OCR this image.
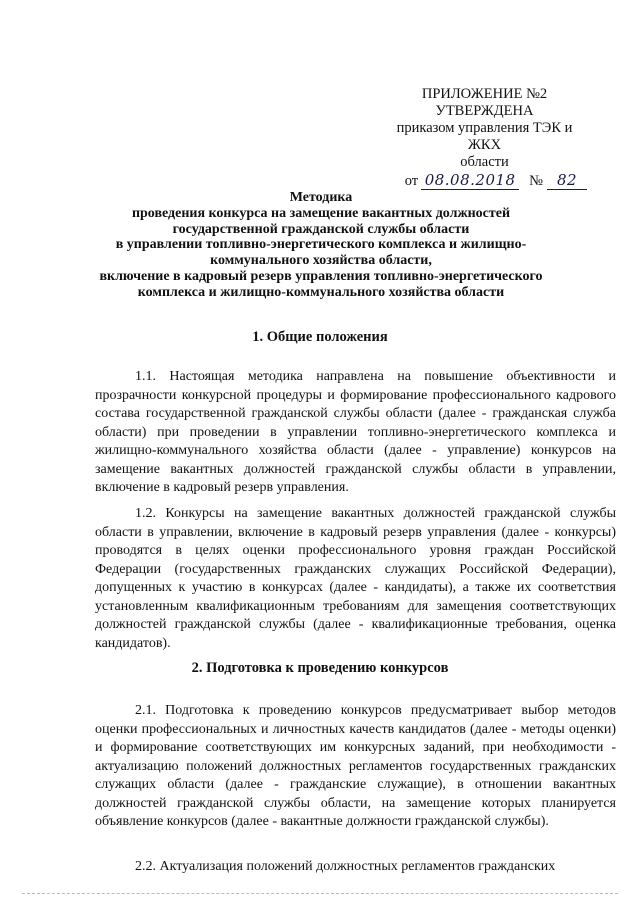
ПРИЛОЖЕНИЕ №2
УТВЕРЖДЕНА
приказом управления ТЭК и ЖКХ
области
от 08.08.2018 № 82
Методика
проведения конкурса на замещение вакантных должностей
государственной гражданской службы области
в управлении топливно-энергетического комплекса и жилищно-
коммунального хозяйства области,
включение в кадровый резерв управления топливно-энергетического
комплекса и жилищно-коммунального хозяйства области
1. Общие положения

1.1. Настоящая методика направлена на повышение объективности и прозрачности конкурсной процедуры и формирование профессионального кадрового состава государственной гражданской службы области (далее - гражданская служба области) при проведении в управлении топливно-энергетического комплекса и жилищно-коммунального хозяйства области (далее - управление) конкурсов на замещение вакантных должностей гражданской службы области в управлении, включение в кадровый резерв управления.

1.2. Конкурсы на замещение вакантных должностей гражданской службы области в управлении, включение в кадровый резерв управления (далее - конкурсы) проводятся в целях оценки профессионального уровня граждан Российской Федерации (государственных гражданских служащих Российской Федерации), допущенных к участию в конкурсах (далее - кандидаты), а также их соответствия установленным квалификационным требованиям для замещения соответствующих должностей гражданской службы (далее - квалификационные требования, оценка кандидатов).

2. Подготовка к проведению конкурсов

2.1. Подготовка к проведению конкурсов предусматривает выбор методов оценки профессиональных и личностных качеств кандидатов (далее - методы оценки) и формирование соответствующих им конкурсных заданий, при необходимости - актуализацию положений должностных регламентов государственных гражданских служащих области (далее - гражданские служащие), в отношении вакантных должностей гражданской службы области, на замещение которых планируется объявление конкурсов (далее - вакантные должности гражданской службы).

2.2. Актуализация положений должностных регламентов гражданских
